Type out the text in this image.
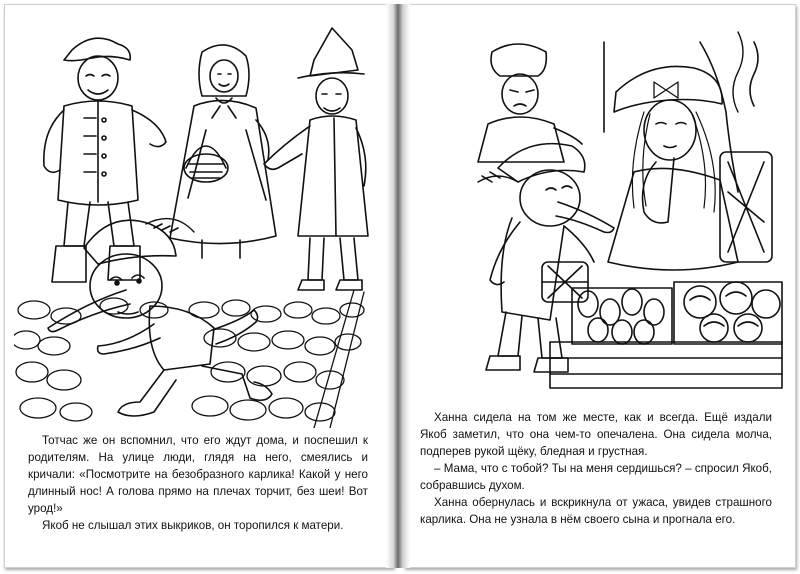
Тотчас же он вспомнил, что его ждут дома, и поспешил к родителям. На улице люди, глядя на него, смеялись и кричали: «Посмотрите на безобразного карлика! Какой у него длинный нос! А голова прямо на плечах торчит, без шеи! Вот урод!»

Якоб не слышал этих выкриков, он торопился к матери.

Ханна сидела на том же месте, как и всегда. Ещё издали Якоб заметил, что она чем-то опечалена. Она сидела молча, подперев рукой щёку, бледная и грустная.

– Мама, что с тобой? Ты на меня сердишься? – спросил Якоб, собравшись духом.

Ханна обернулась и вскрикнула от ужаса, увидев страшного карлика. Она не узнала в нём своего сына и прогнала его.
